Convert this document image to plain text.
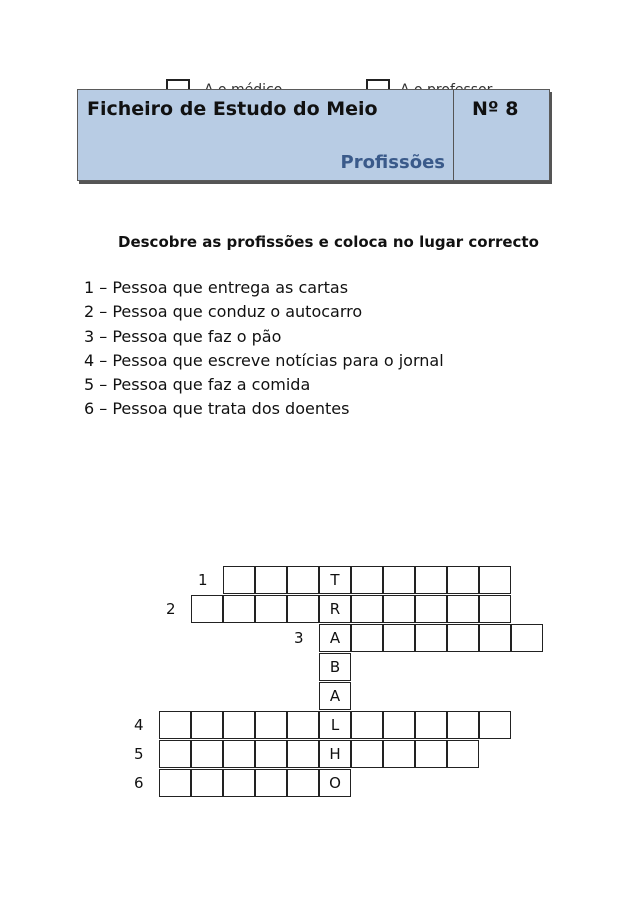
Ficheiro de Estudo do Meio	Nº 8
Profissões
Descobre as profissões e coloca no lugar correcto
1 – Pessoa que entrega as cartas
2 – Pessoa que conduz o autocarro
3 – Pessoa que faz o pão
4 – Pessoa que escreve notícias para o jornal
5 – Pessoa que faz a comida
6 – Pessoa que trata dos doentes
T
1
R
2
A
3
B
A
L
4
H
5
O
6
